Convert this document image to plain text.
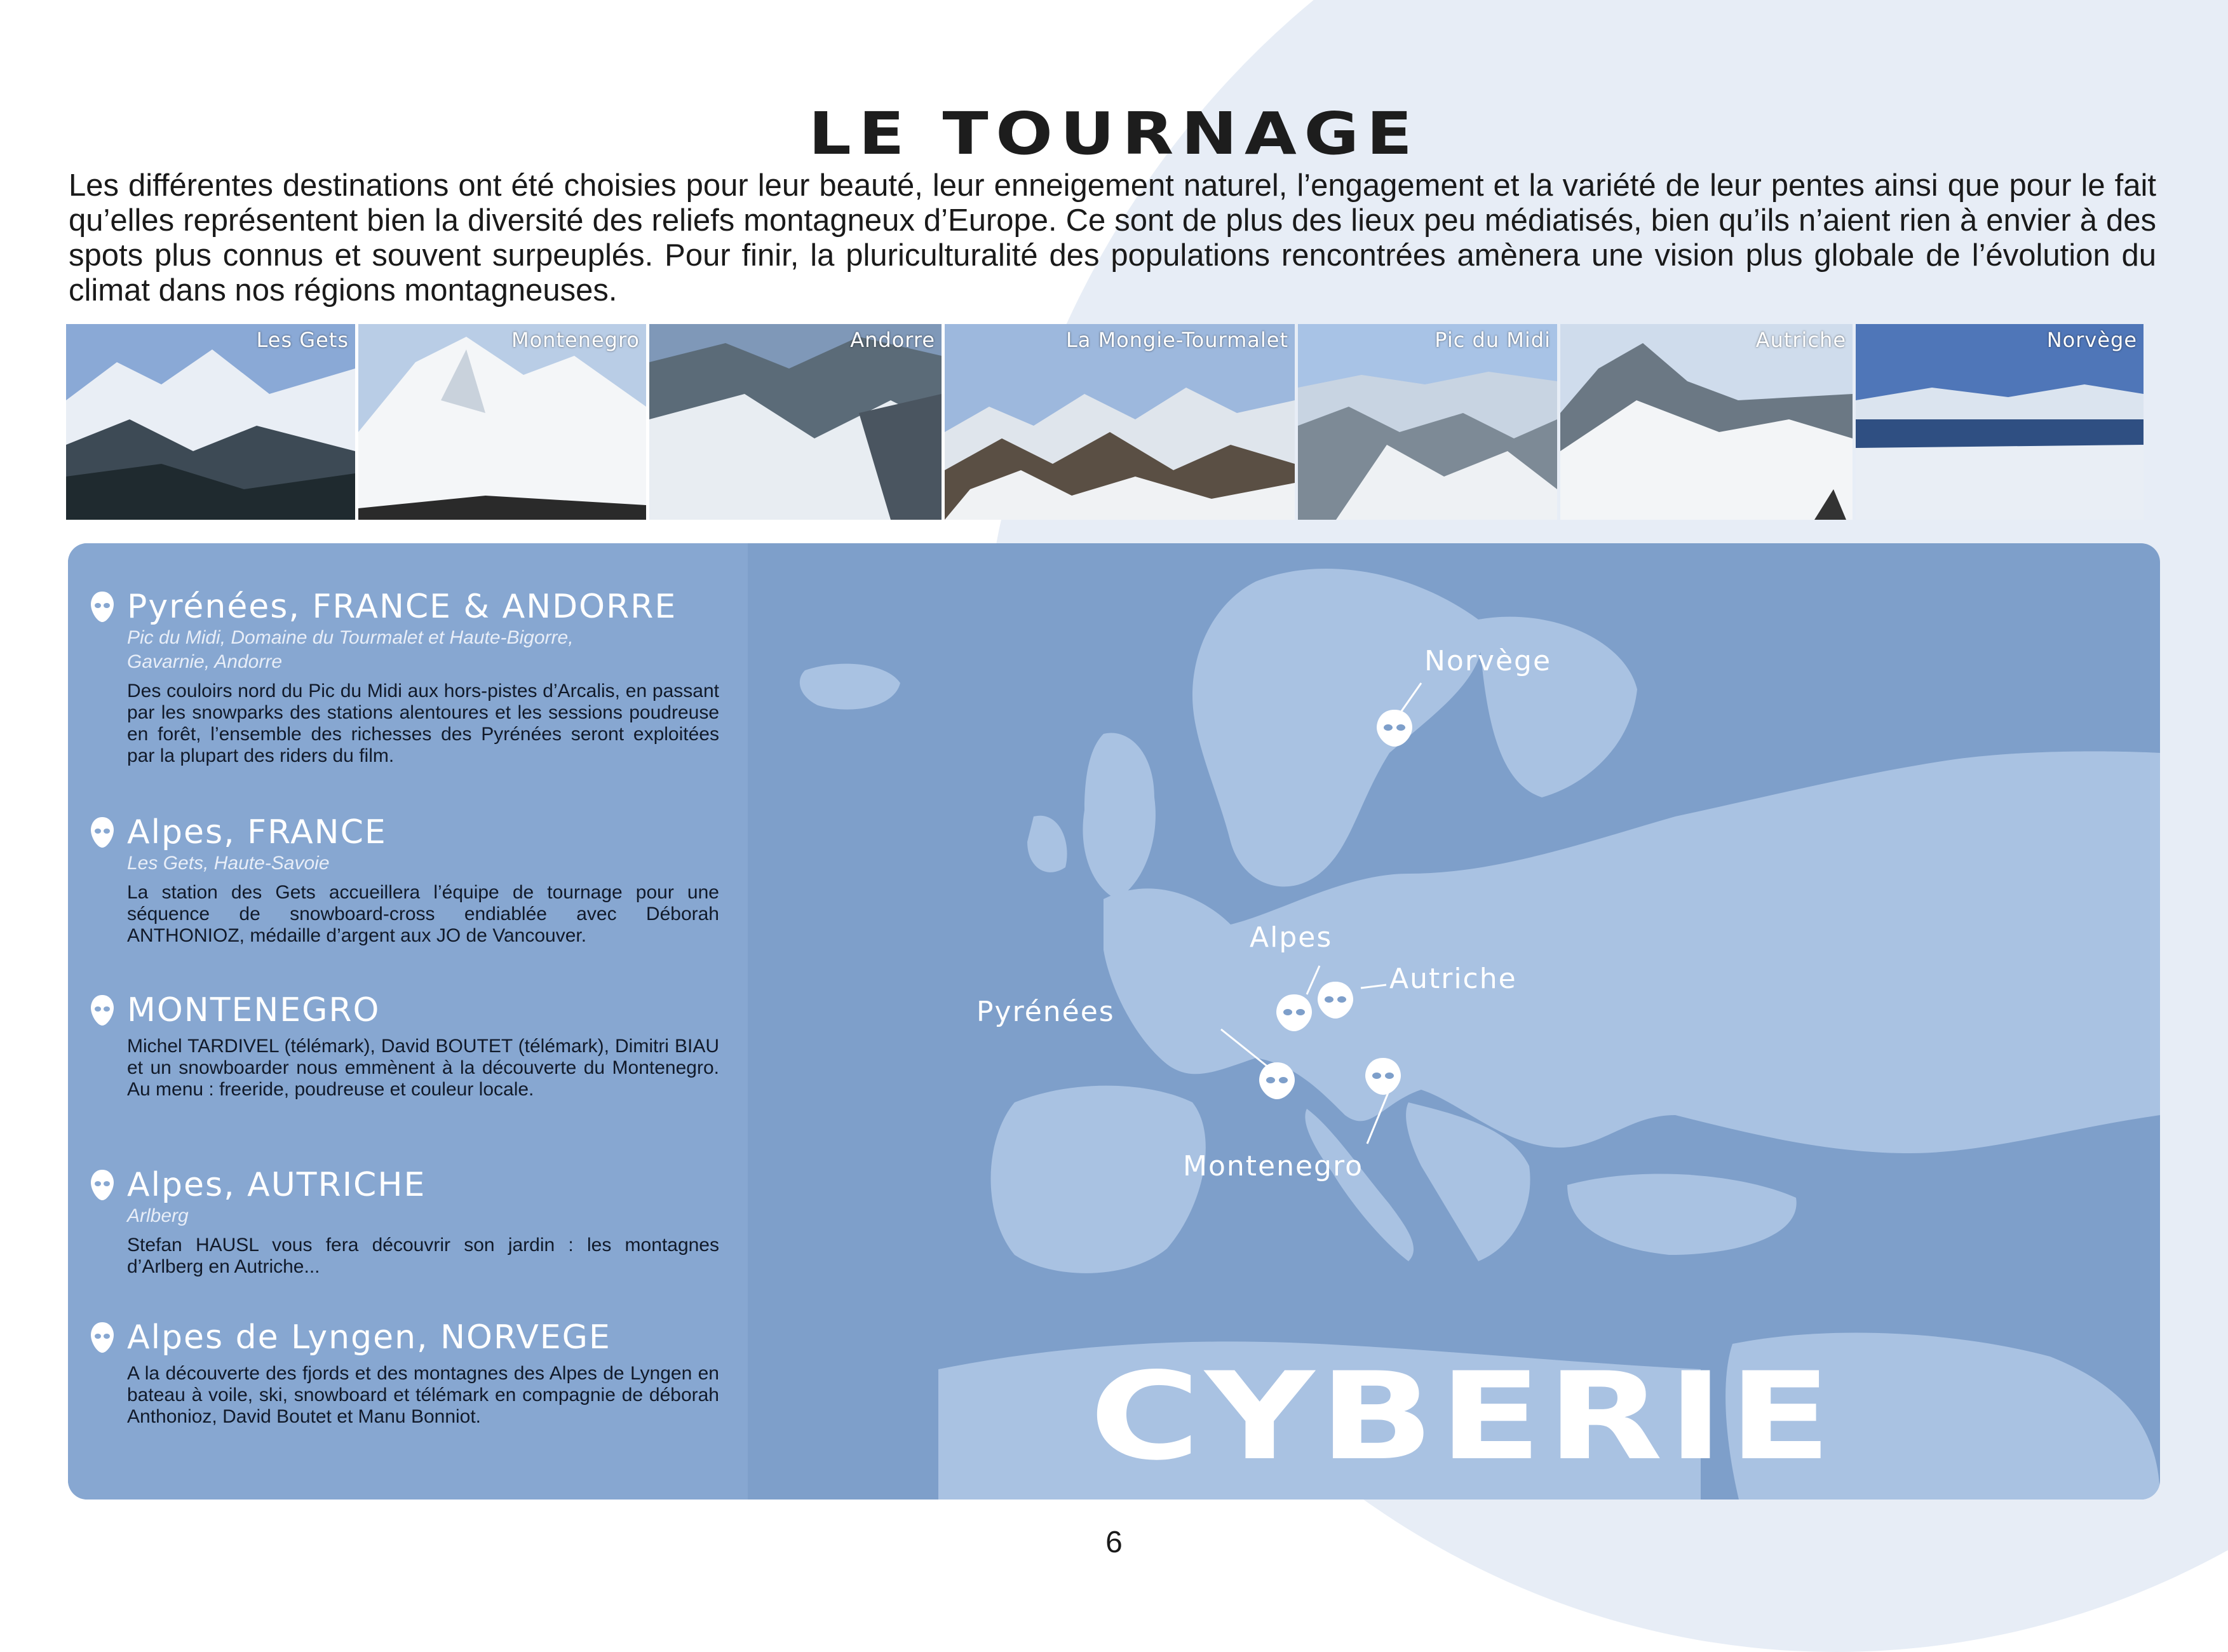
LE TOURNAGE

Les différentes destinations ont été choisies pour leur beauté, leur enneigement naturel, l’engagement et la variété de leur pentes ainsi que pour le fait qu’elles représentent bien la diversité des reliefs montagneux d’Europe. Ce sont de plus des lieux peu médiatisés, bien qu’ils n’aient rien à envier à des spots plus connus et souvent surpeuplés. Pour finir, la pluriculturalité des populations rencontrées amènera une vision plus globale de l’évolution du climat dans nos régions montagneuses.

Les Gets	Montenegro	Andorre	La Mongie-Tourmalet	Pic du Midi	Autriche	Norvège
Norvège
Alpes
Autriche
Pyrénées
Montenegro
Pyrénées, FRANCE & ANDORRE

Pic du Midi, Domaine du Tourmalet et Haute-Bigorre,

Gavarnie, Andorre

Des couloirs nord du Pic du Midi aux hors-pistes d’Arcalis, en passant par les snowparks des stations alentoures et les sessions poudreuse en forêt, l’ensemble des richesses des Pyrénées seront exploitées par la plupart des riders du film.

Alpes, FRANCE

Les Gets, Haute-Savoie

La station des Gets accueillera l’équipe de tournage pour une séquence de snowboard-cross endiablée avec Déborah ANTHONIOZ, médaille d’argent aux JO de Vancouver.

MONTENEGRO

Michel TARDIVEL (télémark), David BOUTET (télémark), Dimitri BIAU et un snowboarder nous emmènent à la découverte du Montenegro. Au menu : freeride, poudreuse et couleur locale.

Alpes, AUTRICHE

Arlberg

Stefan HAUSL vous fera découvrir son jardin : les montagnes d’Arlberg en Autriche...

Alpes de Lyngen, NORVEGE

A la découverte des fjords et des montagnes des Alpes de Lyngen en bateau à voile, ski, snowboard et télémark en compagnie de déborah Anthonioz, David Boutet et Manu Bonniot.	CYBERIE
6
